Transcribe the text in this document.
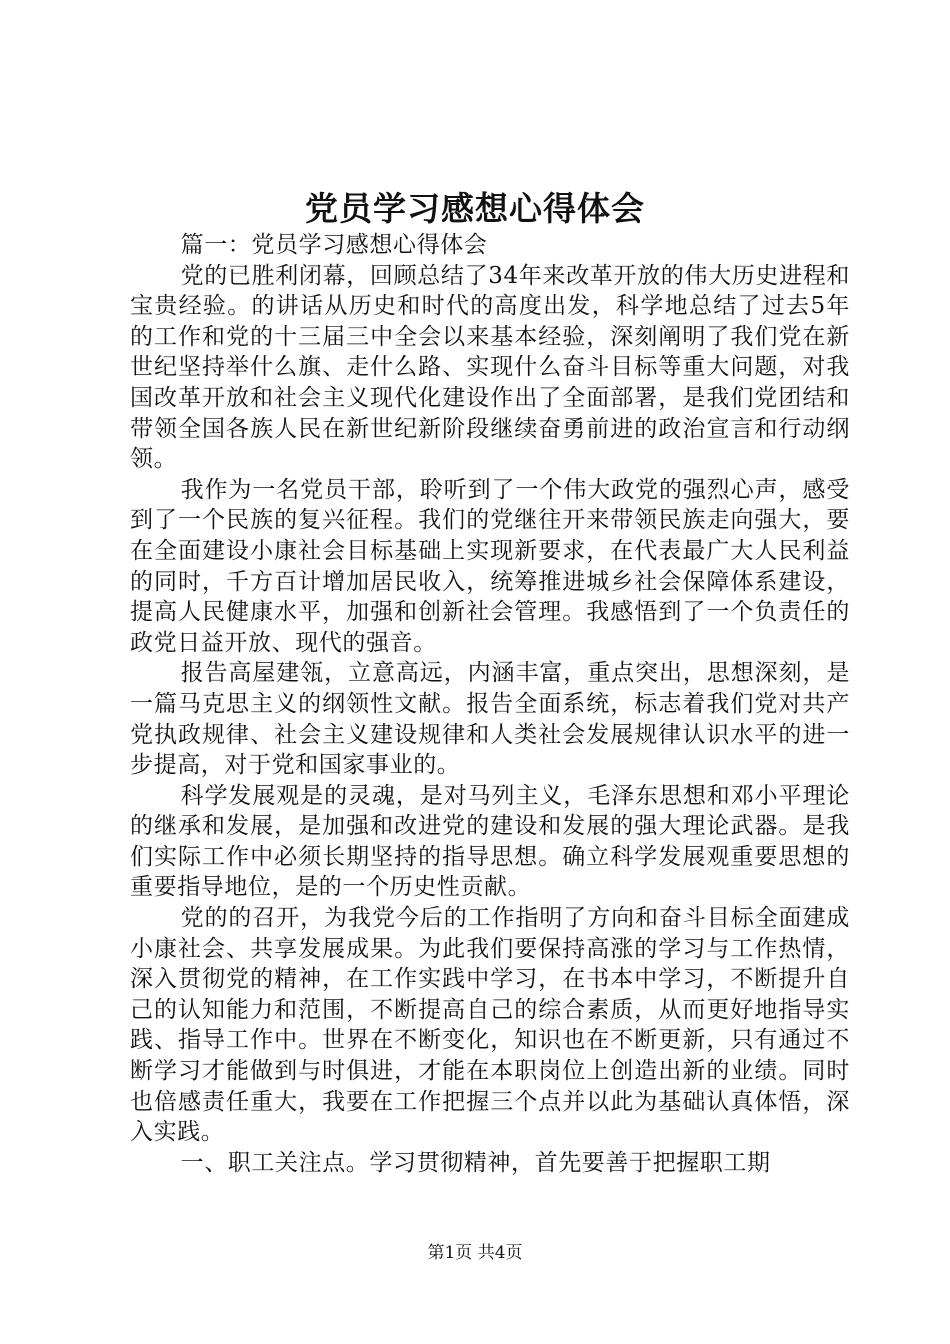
党员学习感想心得体会

篇一：党员学习感想心得体会

党的已胜利闭幕，回顾总结了34年来改革开放的伟大历史进程和宝贵经验。的讲话从历史和时代的高度出发，科学地总结了过去5年的工作和党的十三届三中全会以来基本经验，深刻阐明了我们党在新世纪坚持举什么旗、走什么路、实现什么奋斗目标等重大问题，对我国改革开放和社会主义现代化建设作出了全面部署，是我们党团结和带领全国各族人民在新世纪新阶段继续奋勇前进的政治宣言和行动纲领。

我作为一名党员干部，聆听到了一个伟大政党的强烈心声，感受到了一个民族的复兴征程。我们的党继往开来带领民族走向强大，要在全面建设小康社会目标基础上实现新要求，在代表最广大人民利益的同时，千方百计增加居民收入，统筹推进城乡社会保障体系建设，提高人民健康水平，加强和创新社会管理。我感悟到了一个负责任的政党日益开放、现代的强音。

报告高屋建瓴，立意高远，内涵丰富，重点突出，思想深刻，是一篇马克思主义的纲领性文献。报告全面系统，标志着我们党对共产党执政规律、社会主义建设规律和人类社会发展规律认识水平的进一步提高，对于党和国家事业的。

科学发展观是的灵魂，是对马列主义，毛泽东思想和邓小平理论的继承和发展，是加强和改进党的建设和发展的强大理论武器。是我们实际工作中必须长期坚持的指导思想。确立科学发展观重要思想的重要指导地位，是的一个历史性贡献。

党的的召开，为我党今后的工作指明了方向和奋斗目标全面建成小康社会、共享发展成果。为此我们要保持高涨的学习与工作热情，深入贯彻党的精神，在工作实践中学习，在书本中学习，不断提升自己的认知能力和范围，不断提高自己的综合素质，从而更好地指导实践、指导工作中。世界在不断变化，知识也在不断更新，只有通过不断学习才能做到与时俱进，才能在本职岗位上创造出新的业绩。同时也倍感责任重大，我要在工作把握三个点并以此为基础认真体悟，深入实践。

一、职工关注点。学习贯彻精神，首先要善于把握职工期

第1页 共4页
